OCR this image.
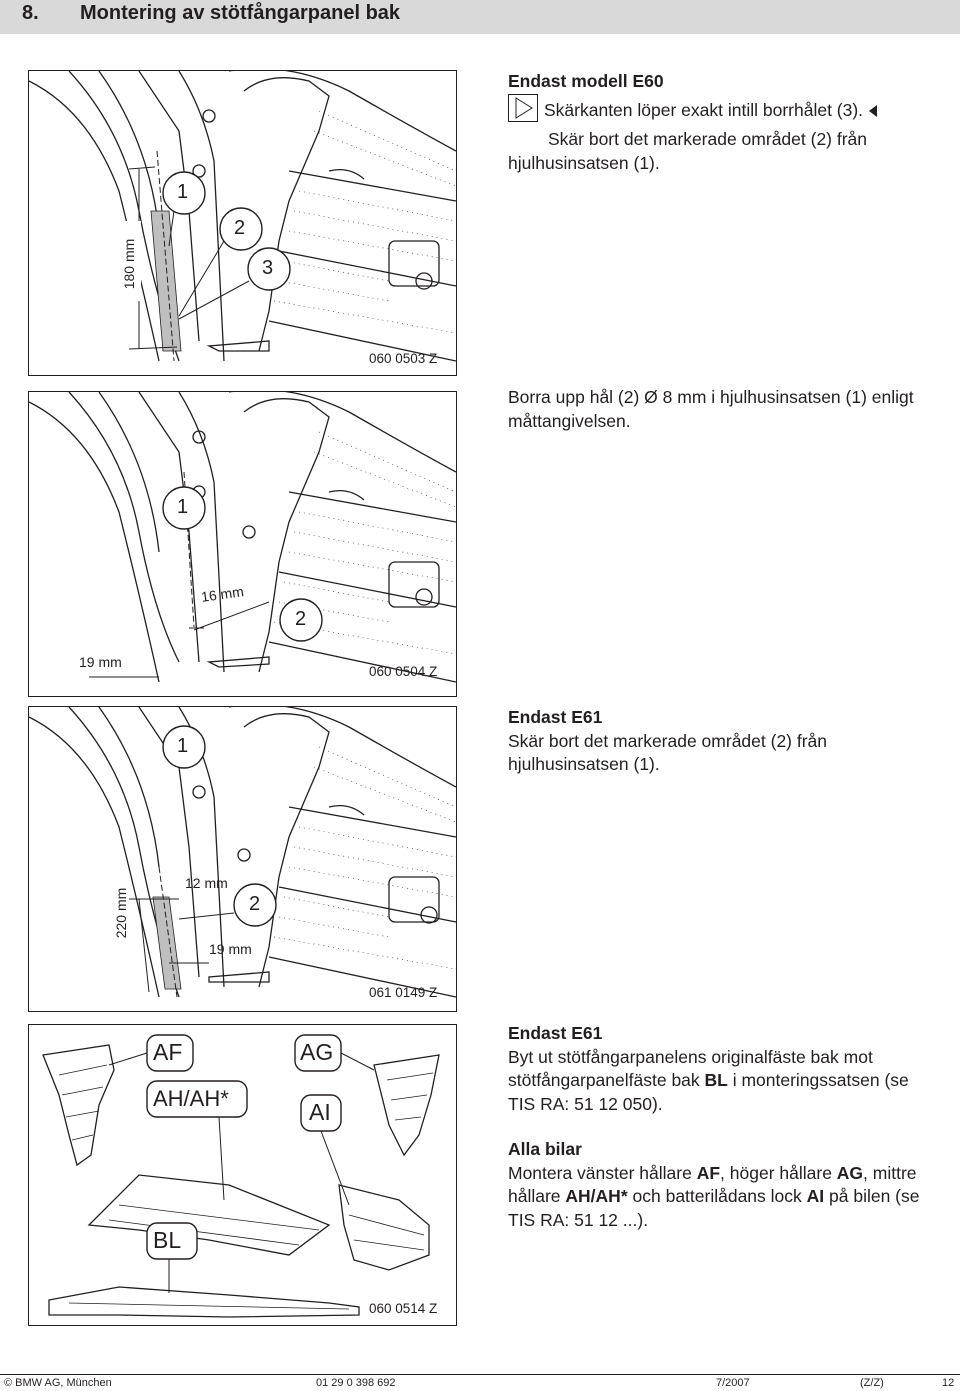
8. Montering av stötfångarpanel bak
1
2
3
180 mm
060 0503 Z
1
2
16 mm
19 mm
060 0504 Z
1
2
220 mm
12 mm
19 mm
061 0149 Z
AF
AH/AH*
AG
AI
BL
060 0514 Z

Endast modell E60

Skärkanten löper exakt intill borrhålet (3).

Skär bort det markerade området (2) från hjulhusinsatsen (1).

Borra upp hål (2) Ø 8 mm i hjulhusinsatsen (1) enligt måttangivelsen.

Endast E61

Skär bort det markerade området (2) från hjulhusinsatsen (1).

Endast E61

Byt ut stötfångarpanelens originalfäste bak mot stötfångarpanelfäste bak BL i monteringssatsen (se TIS RA: 51 12 050).

Alla bilar

Montera vänster hållare AF, höger hållare AG, mittre hållare AH/AH* och batterilådans lock AI på bilen (se TIS RA: 51 12 ...).

© BMW AG, München	01 29 0 398 692	7/2007	(Z/Z)	12
